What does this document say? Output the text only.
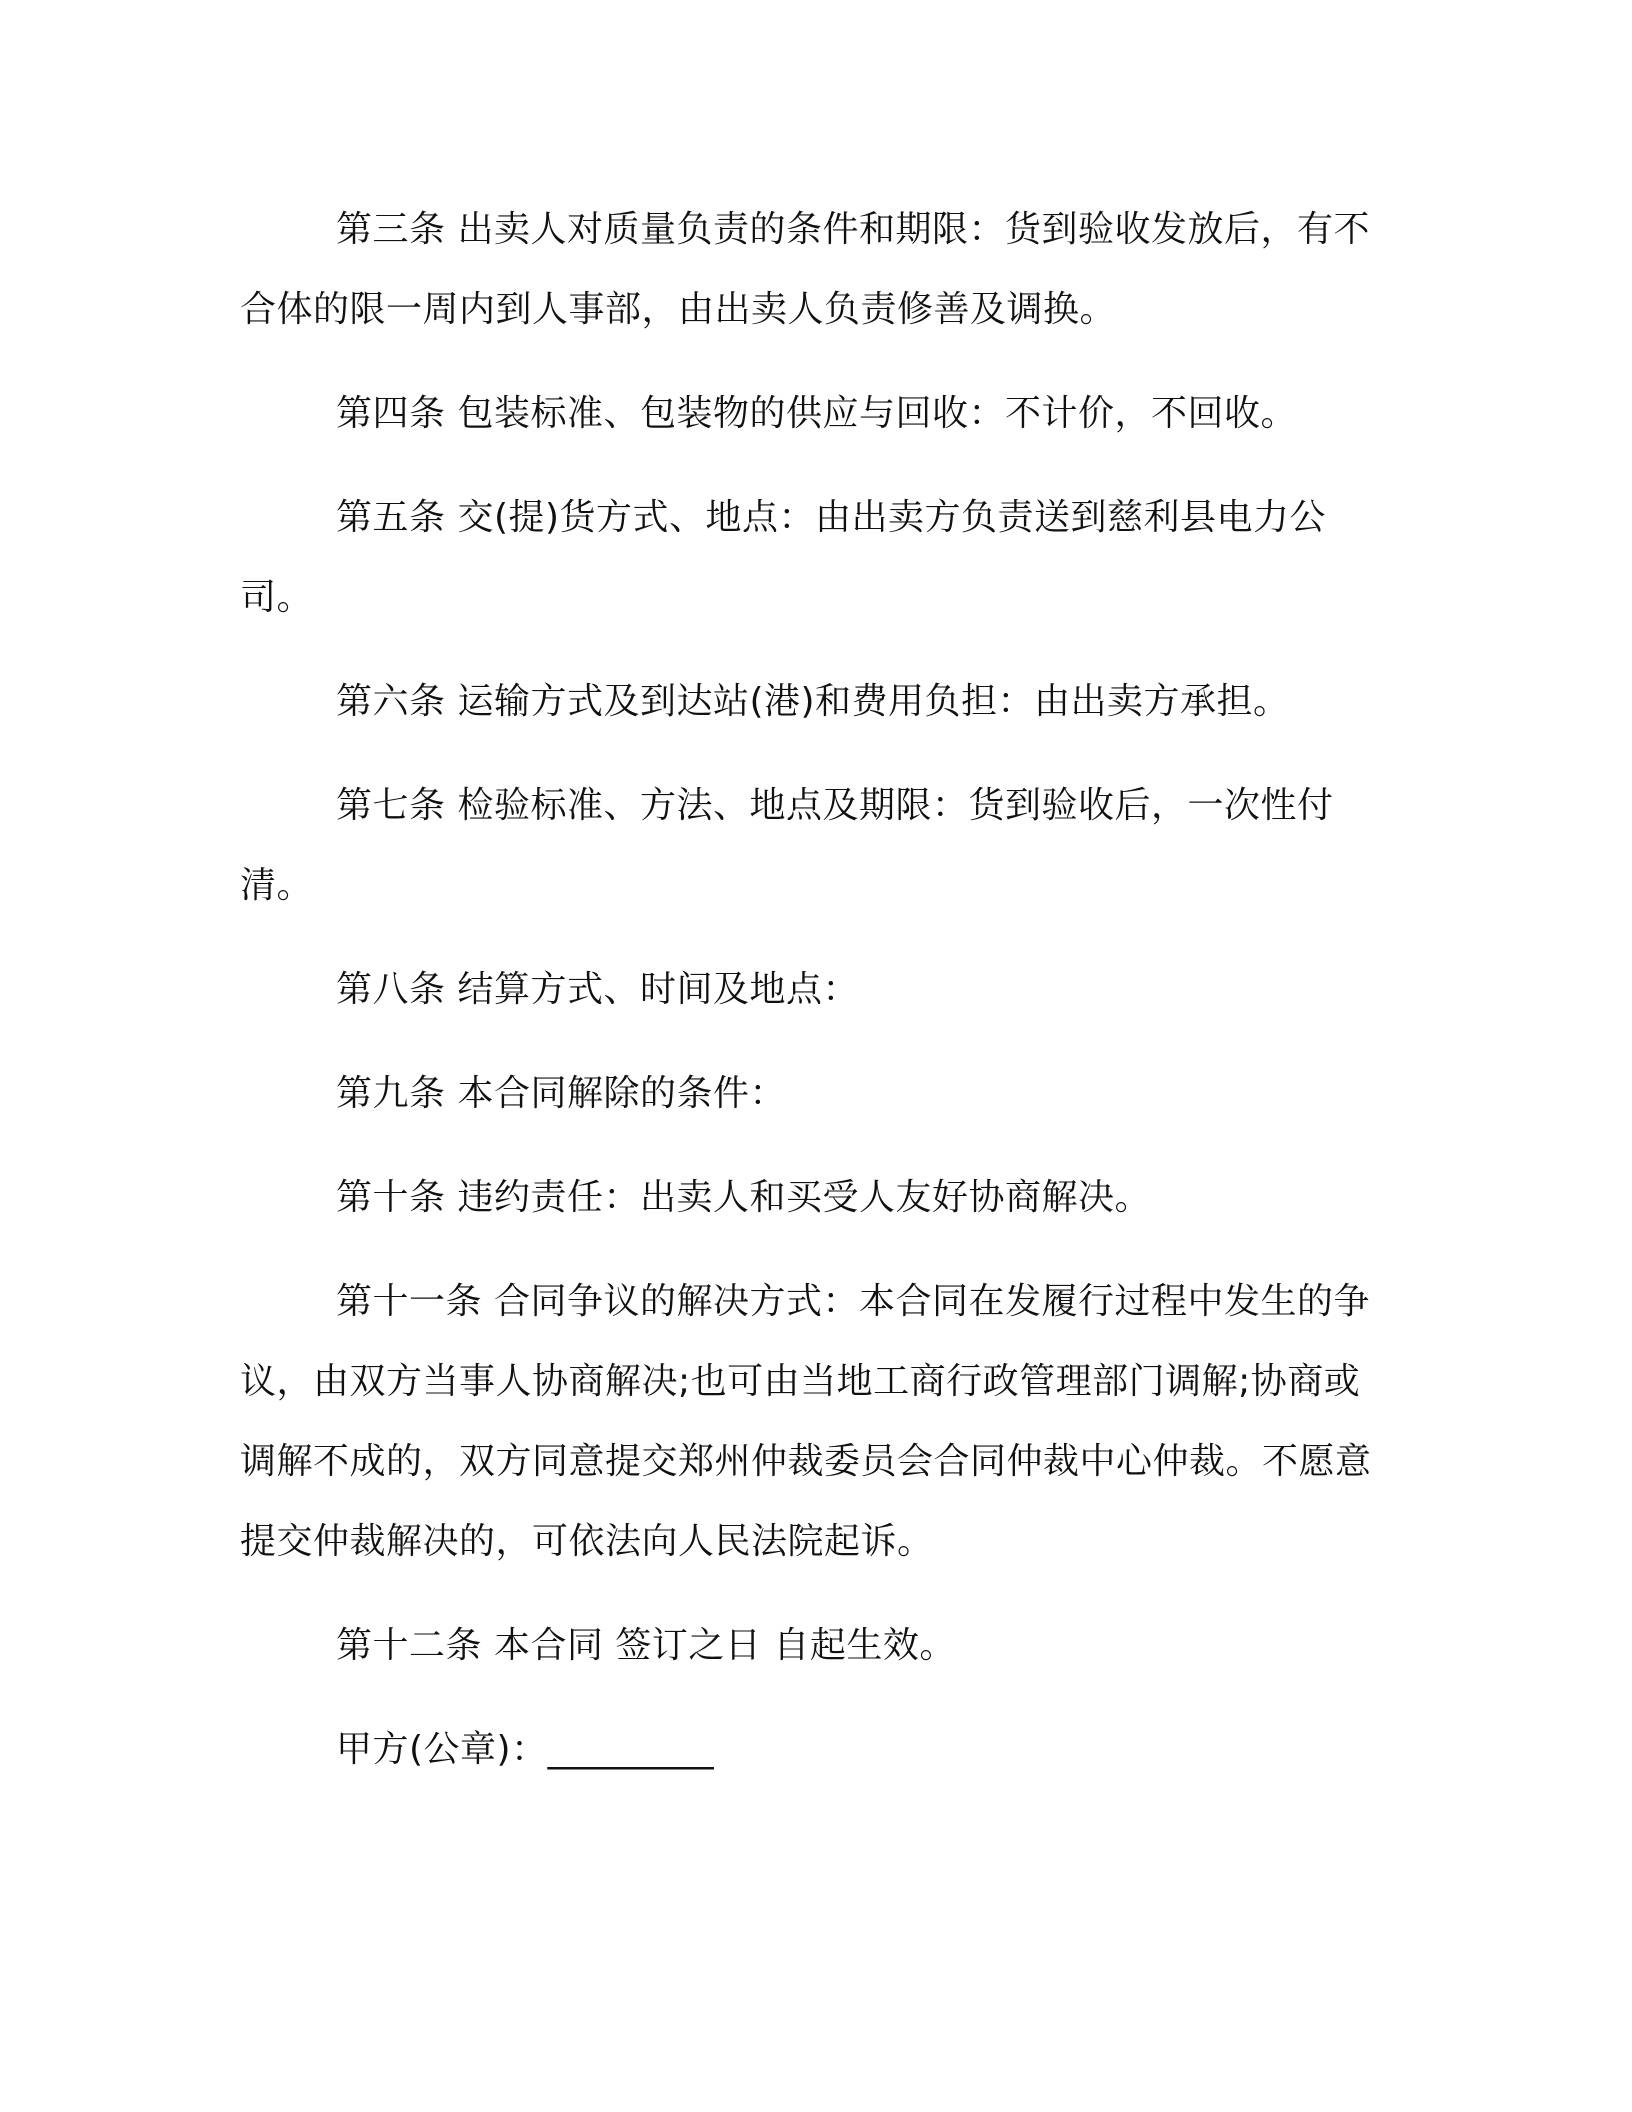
第三条 出卖人对质量负责的条件和期限：货到验收发放后，有不合体的限一周内到人事部，由出卖人负责修善及调换。

第四条 包装标准、包装物的供应与回收：不计价，不回收。

第五条 交(提)货方式、地点：由出卖方负责送到慈利县电力公司。

第六条 运输方式及到达站(港)和费用负担：由出卖方承担。

第七条 检验标准、方法、地点及期限：货到验收后，一次性付清。

第八条 结算方式、时间及地点：

第九条 本合同解除的条件：

第十条 违约责任：出卖人和买受人友好协商解决。

第十一条 合同争议的解决方式：本合同在发履行过程中发生的争议，由双方当事人协商解决;也可由当地工商行政管理部门调解;协商或调解不成的，双方同意提交郑州仲裁委员会合同仲裁中心仲裁。不愿意提交仲裁解决的，可依法向人民法院起诉。

第十二条 本合同 签订之日 自起生效。

甲方(公章)：_________
